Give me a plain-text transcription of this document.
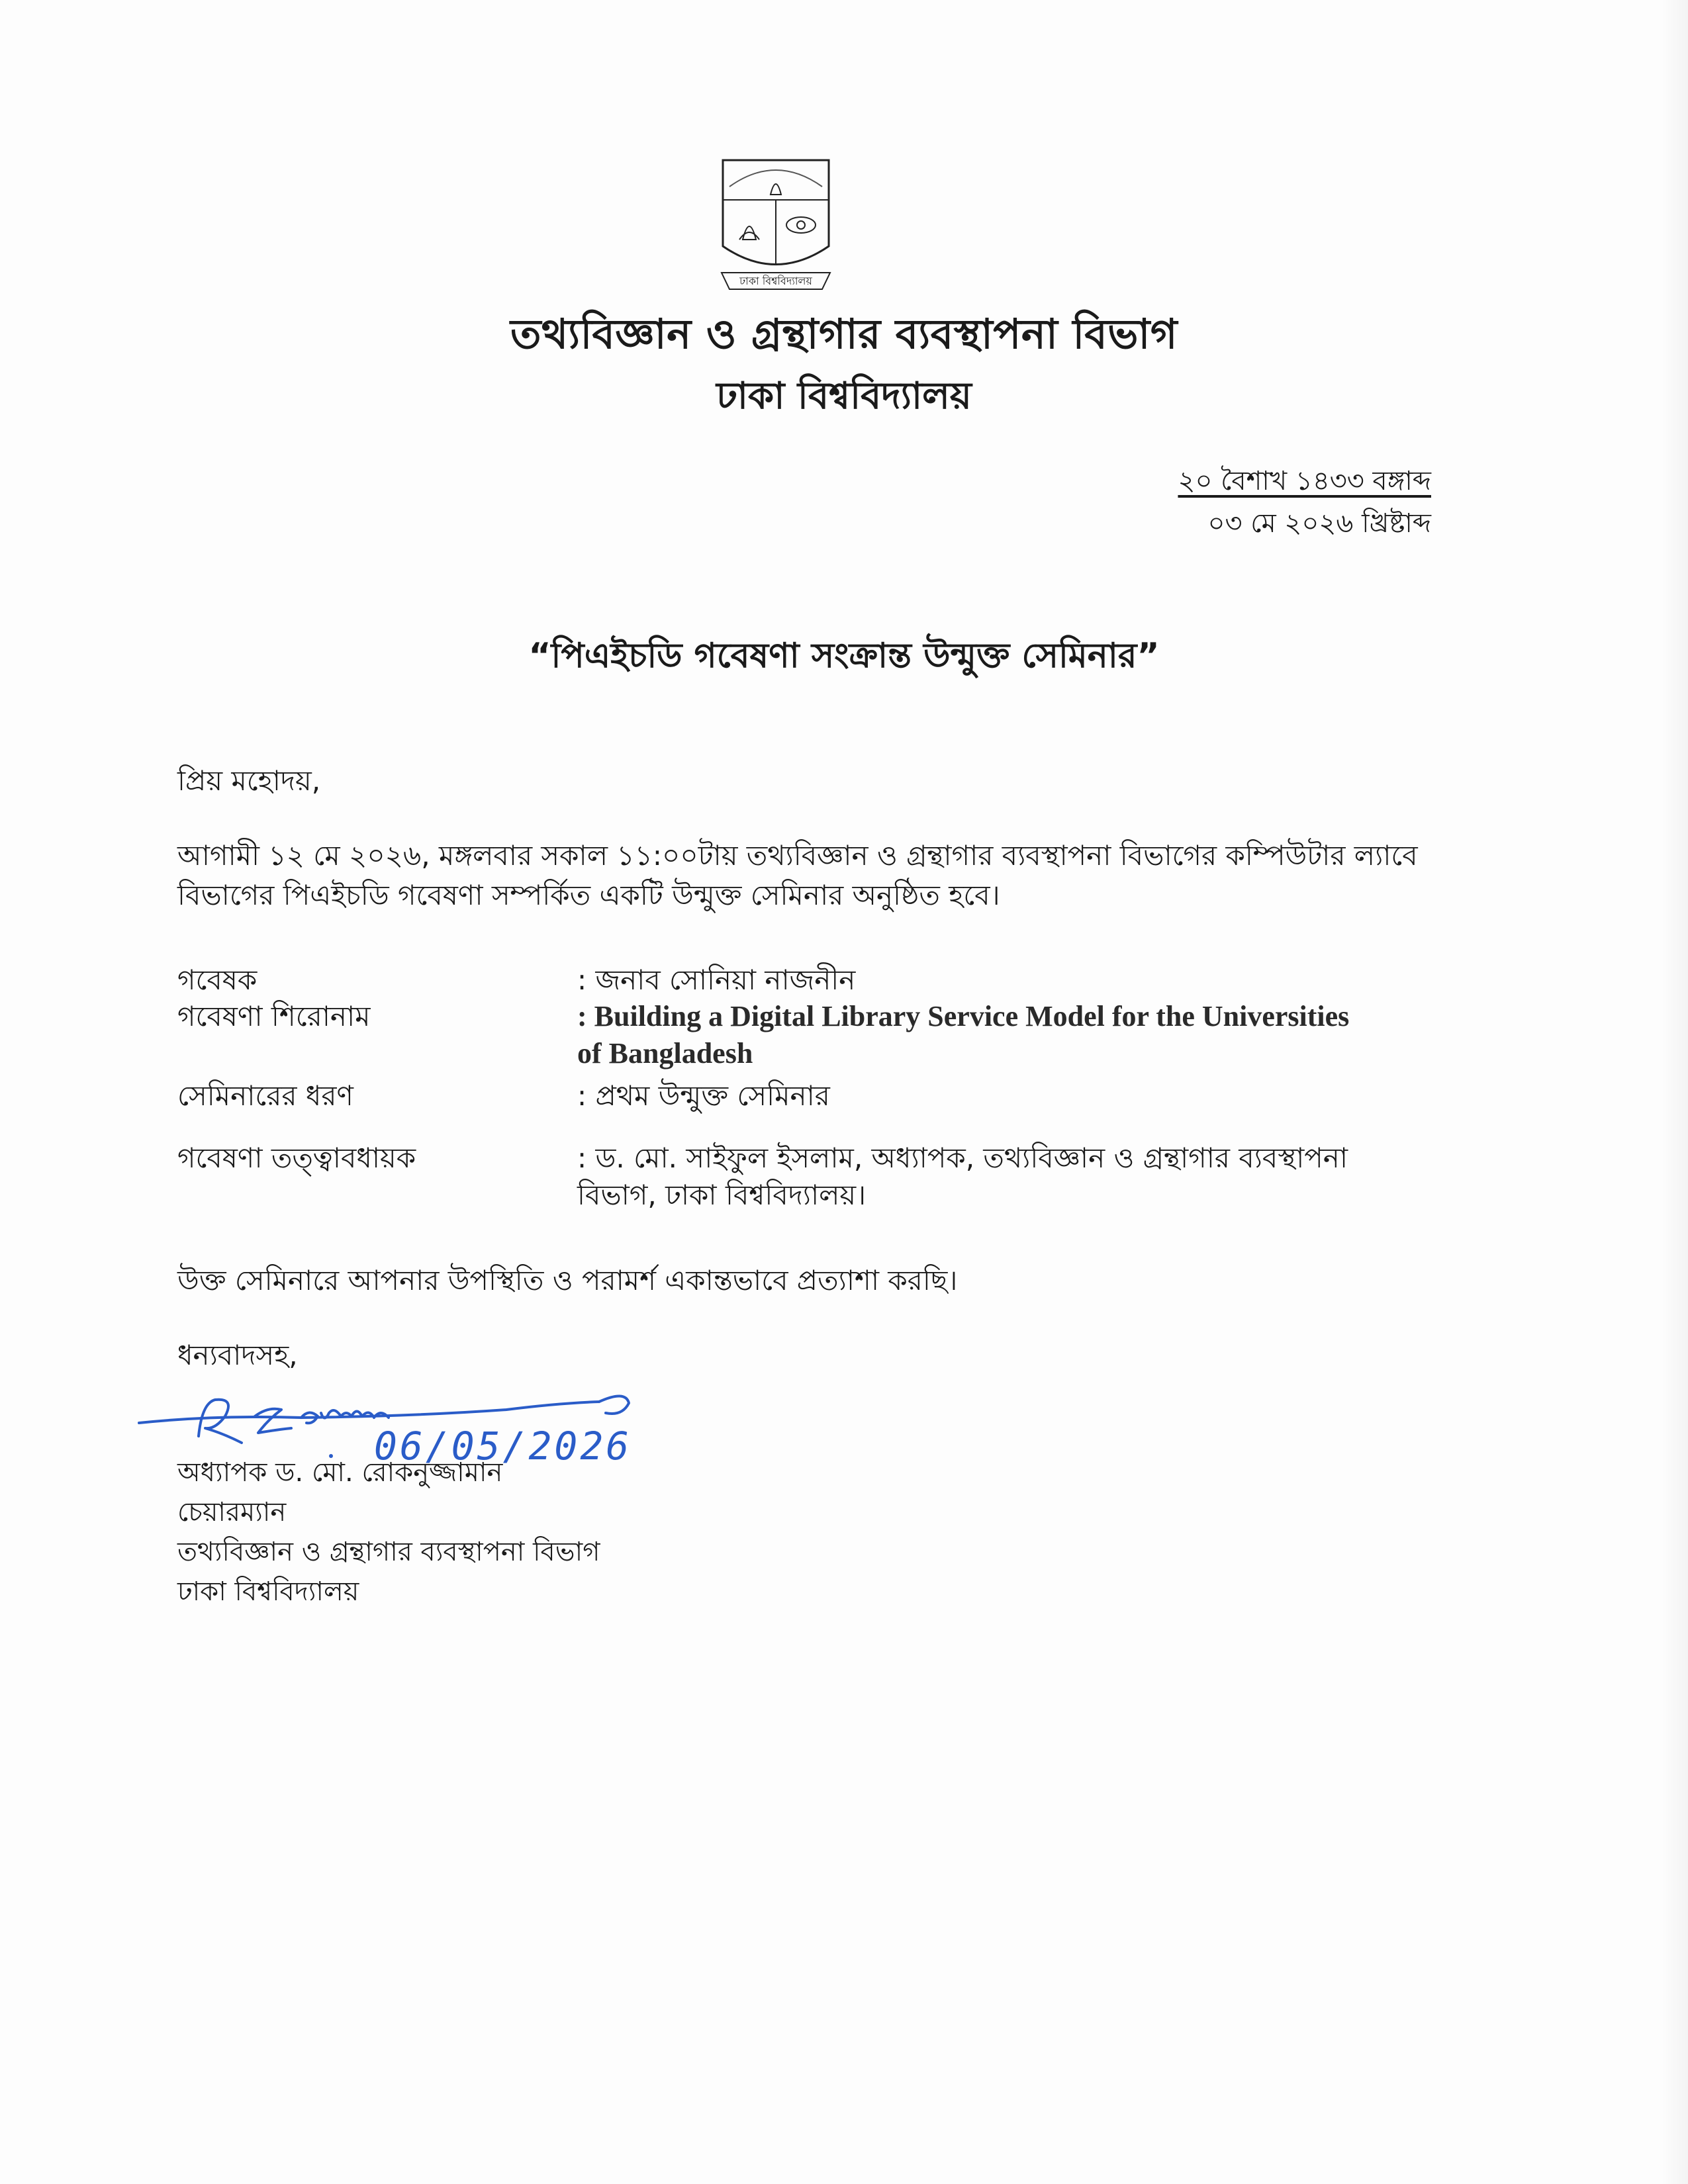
ঢাকা বিশ্ববিদ্যালয়
তথ্যবিজ্ঞান ও গ্রন্থাগার ব্যবস্থাপনা বিভাগ
ঢাকা বিশ্ববিদ্যালয়
২০ বৈশাখ ১৪৩৩ বঙ্গাব্দ
০৩ মে ২০২৬ খ্রিষ্টাব্দ
“পিএইচডি গবেষণা সংক্রান্ত উন্মুক্ত সেমিনার”
প্রিয় মহোদয়,
আগামী ১২ মে ২০২৬, মঙ্গলবার সকাল ১১:০০টায় তথ্যবিজ্ঞান ও গ্রন্থাগার ব্যবস্থাপনা বিভাগের কম্পিউটার ল্যাবে বিভাগের পিএইচডি গবেষণা সম্পর্কিত একটি উন্মুক্ত সেমিনার অনুষ্ঠিত হবে।
গবেষক	: জনাব সোনিয়া নাজনীন
গবেষণা শিরোনাম	: Building a Digital Library Service Model for the Universities of Bangladesh
সেমিনারের ধরণ	: প্রথম উন্মুক্ত সেমিনার
গবেষণা তত্ত্বাবধায়ক	: ড. মো. সাইফুল ইসলাম, অধ্যাপক, তথ্যবিজ্ঞান ও গ্রন্থাগার ব্যবস্থাপনা বিভাগ, ঢাকা বিশ্ববিদ্যালয়।
উক্ত সেমিনারে আপনার উপস্থিতি ও পরামর্শ একান্তভাবে প্রত্যাশা করছি।
ধন্যবাদসহ,
06/05/2026
অধ্যাপক ড. মো. রোকনুজ্জামান
চেয়ারম্যান
তথ্যবিজ্ঞান ও গ্রন্থাগার ব্যবস্থাপনা বিভাগ
ঢাকা বিশ্ববিদ্যালয়
